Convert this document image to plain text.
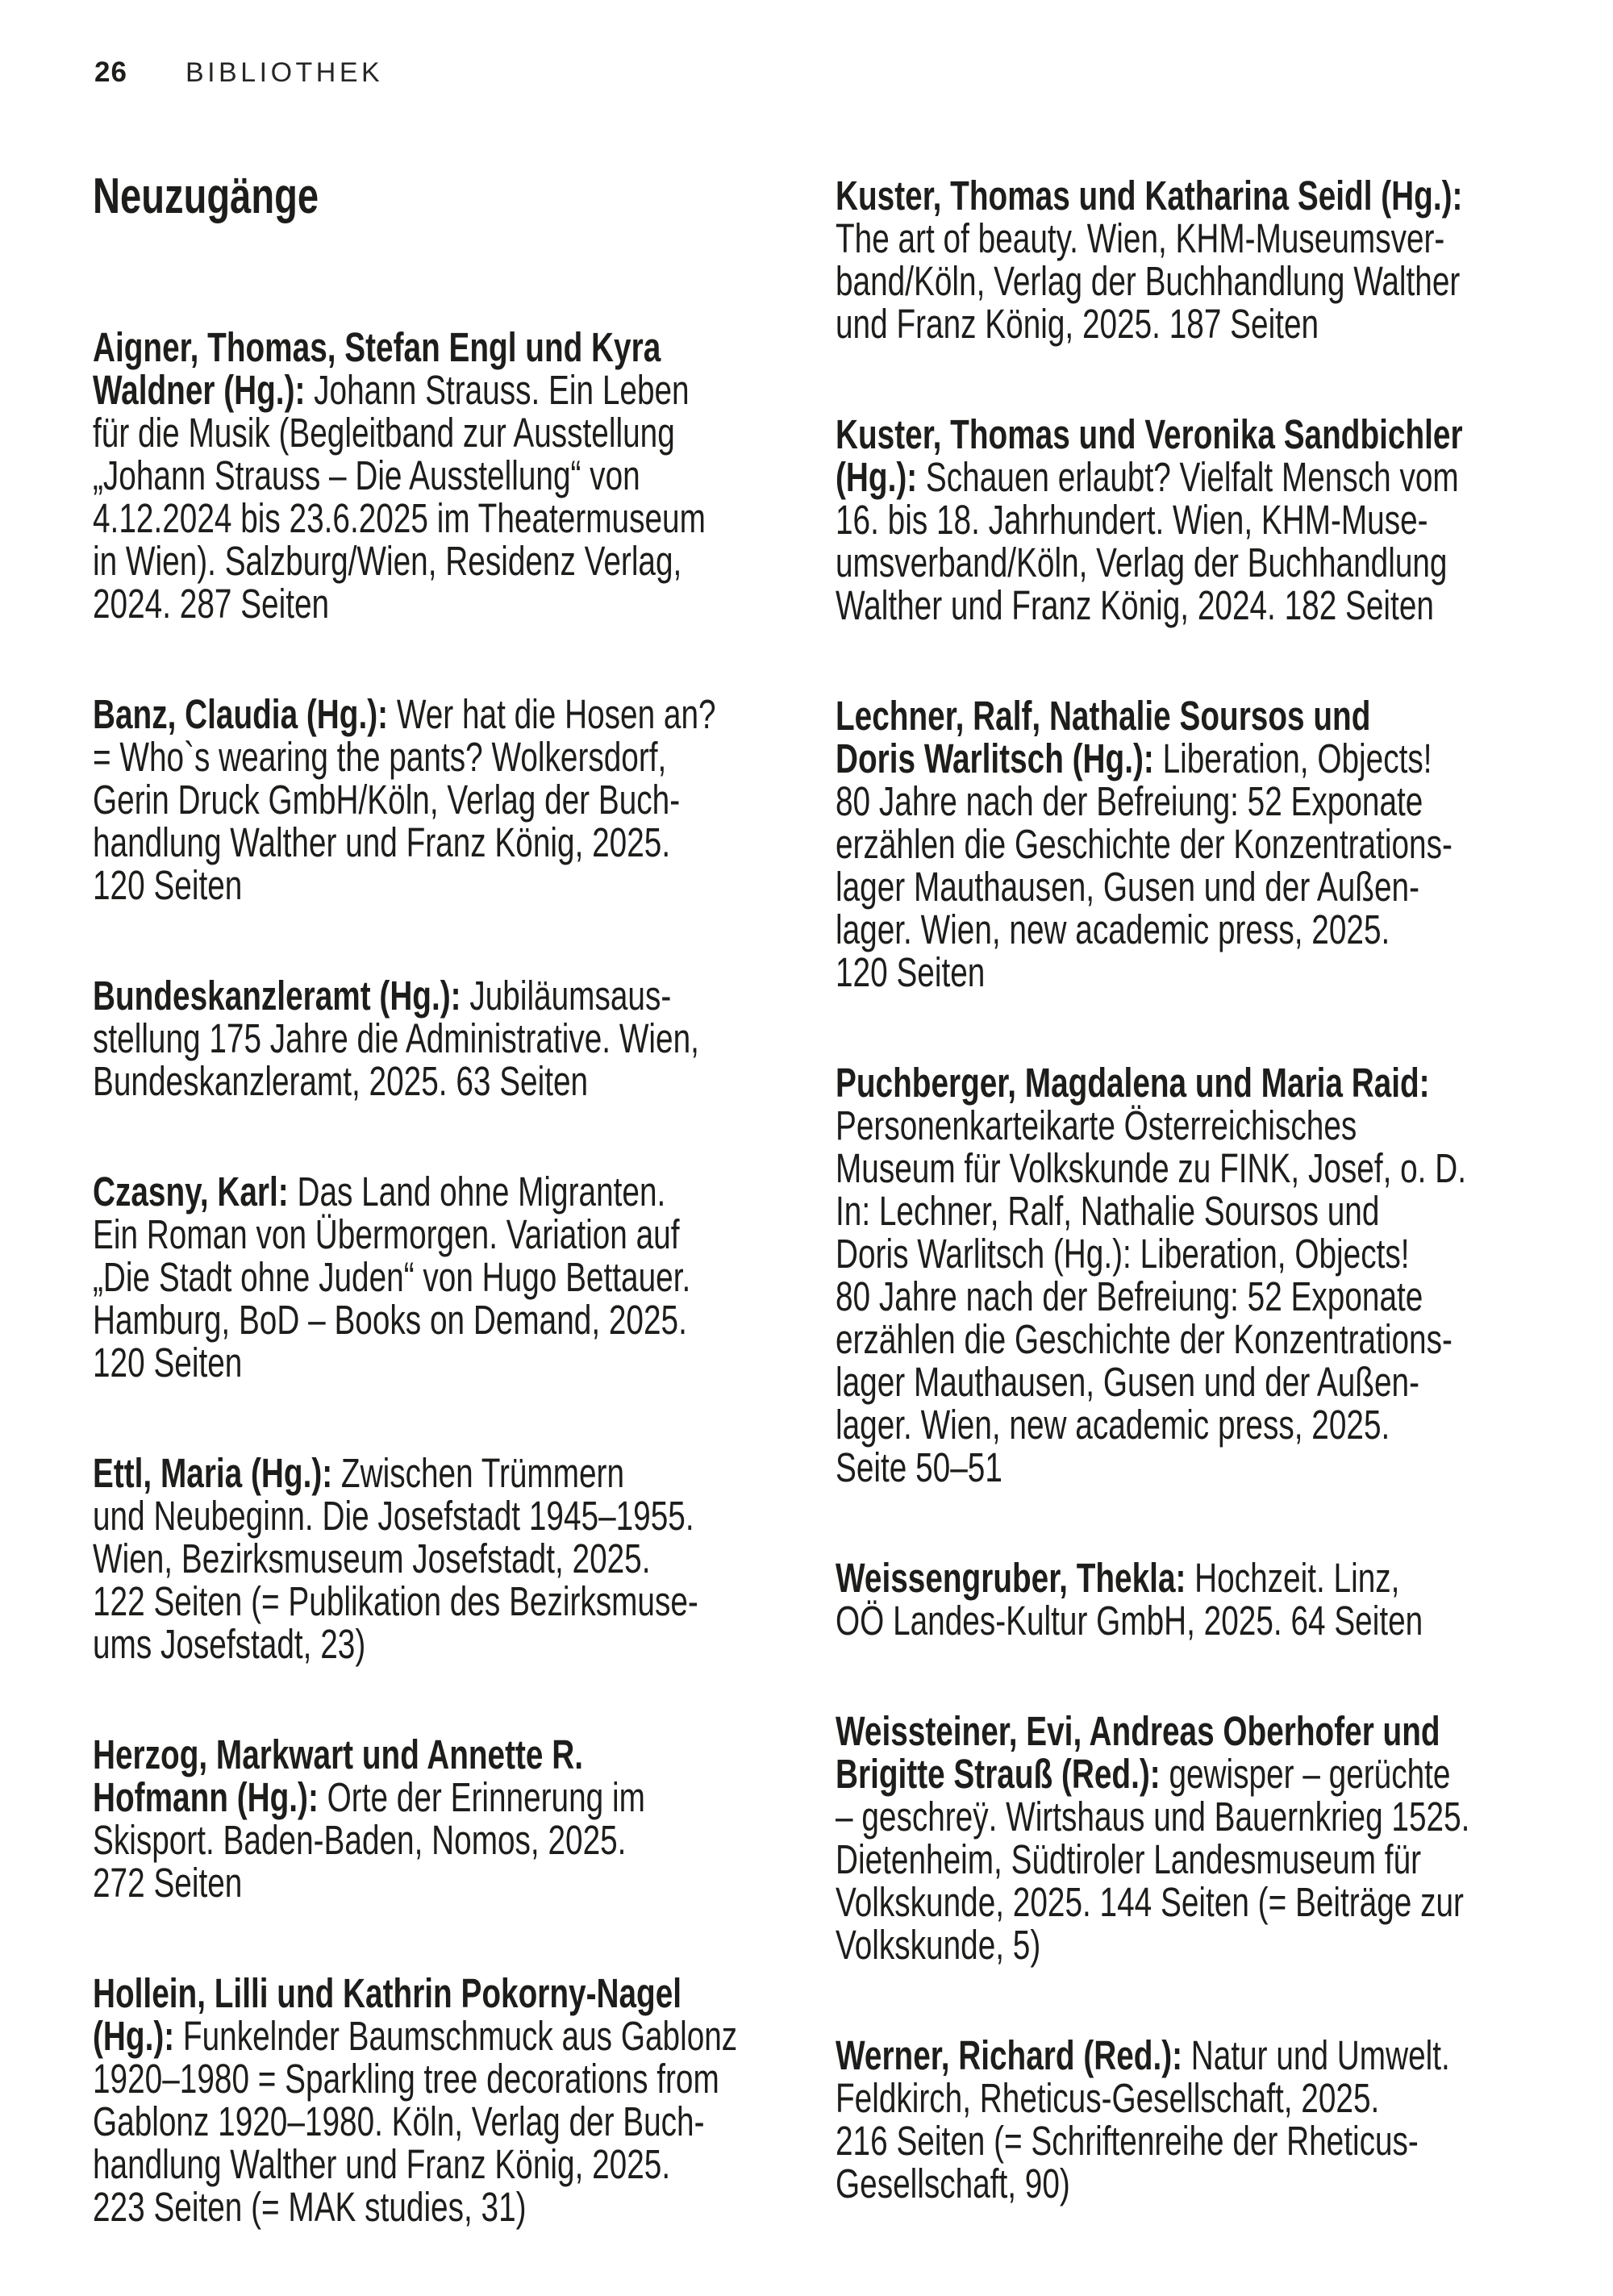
26 BIBLIOTHEK
Neuzugänge
Aigner, Thomas, Stefan Engl und Kyra
Waldner (Hg.): Johann Strauss. Ein Leben
für die Musik (Begleitband zur Ausstellung
„Johann Strauss – Die Ausstellung“ von
4.12.2024 bis 23.6.2025 im Theatermuseum
in Wien). Salzburg/Wien, Residenz Verlag,
2024. 287 Seiten
Banz, Claudia (Hg.): Wer hat die Hosen an?
= Who`s wearing the pants? Wolkersdorf,
Gerin Druck GmbH/Köln, Verlag der Buch-
handlung Walther und Franz König, 2025.
120 Seiten
Bundeskanzleramt (Hg.): Jubiläumsaus-
stellung 175 Jahre die Administrative. Wien,
Bundeskanzleramt, 2025. 63 Seiten
Czasny, Karl: Das Land ohne Migranten.
Ein Roman von Übermorgen. Variation auf
„Die Stadt ohne Juden“ von Hugo Bettauer.
Hamburg, BoD – Books on Demand, 2025.
120 Seiten
Ettl, Maria (Hg.): Zwischen Trümmern
und Neubeginn. Die Josefstadt 1945–1955.
Wien, Bezirksmuseum Josefstadt, 2025.
122 Seiten (= Publikation des Bezirksmuse-
ums Josefstadt, 23)
Herzog, Markwart und Annette R.
Hofmann (Hg.): Orte der Erinnerung im
Skisport. Baden-Baden, Nomos, 2025.
272 Seiten
Hollein, Lilli und Kathrin Pokorny-Nagel
(Hg.): Funkelnder Baumschmuck aus Gablonz
1920–1980 = Sparkling tree decorations from
Gablonz 1920–1980. Köln, Verlag der Buch-
handlung Walther und Franz König, 2025.
223 Seiten (= MAK studies, 31)
Kuster, Thomas und Katharina Seidl (Hg.):
The art of beauty. Wien, KHM-Museumsver-
band/Köln, Verlag der Buchhandlung Walther
und Franz König, 2025. 187 Seiten
Kuster, Thomas und Veronika Sandbichler
(Hg.): Schauen erlaubt? Vielfalt Mensch vom
16. bis 18. Jahrhundert. Wien, KHM-Muse-
umsverband/Köln, Verlag der Buchhandlung
Walther und Franz König, 2024. 182 Seiten
Lechner, Ralf, Nathalie Soursos und
Doris Warlitsch (Hg.): Liberation, Objects!
80 Jahre nach der Befreiung: 52 Exponate
erzählen die Geschichte der Konzentrations-
lager Mauthausen, Gusen und der Außen-
lager. Wien, new academic press, 2025.
120 Seiten
Puchberger, Magdalena und Maria Raid:
Personenkarteikarte Österreichisches
Museum für Volkskunde zu FINK, Josef, o. D.
In: Lechner, Ralf, Nathalie Soursos und
Doris Warlitsch (Hg.): Liberation, Objects!
80 Jahre nach der Befreiung: 52 Exponate
erzählen die Geschichte der Konzentrations-
lager Mauthausen, Gusen und der Außen-
lager. Wien, new academic press, 2025.
Seite 50–51
Weissengruber, Thekla: Hochzeit. Linz,
OÖ Landes-Kultur GmbH, 2025. 64 Seiten
Weissteiner, Evi, Andreas Oberhofer und
Brigitte Strauß (Red.): gewisper – gerüchte
– geschreÿ. Wirtshaus und Bauernkrieg 1525.
Dietenheim, Südtiroler Landesmuseum für
Volkskunde, 2025. 144 Seiten (= Beiträge zur
Volkskunde, 5)
Werner, Richard (Red.): Natur und Umwelt.
Feldkirch, Rheticus-Gesellschaft, 2025.
216 Seiten (= Schriftenreihe der Rheticus-
Gesellschaft, 90)
